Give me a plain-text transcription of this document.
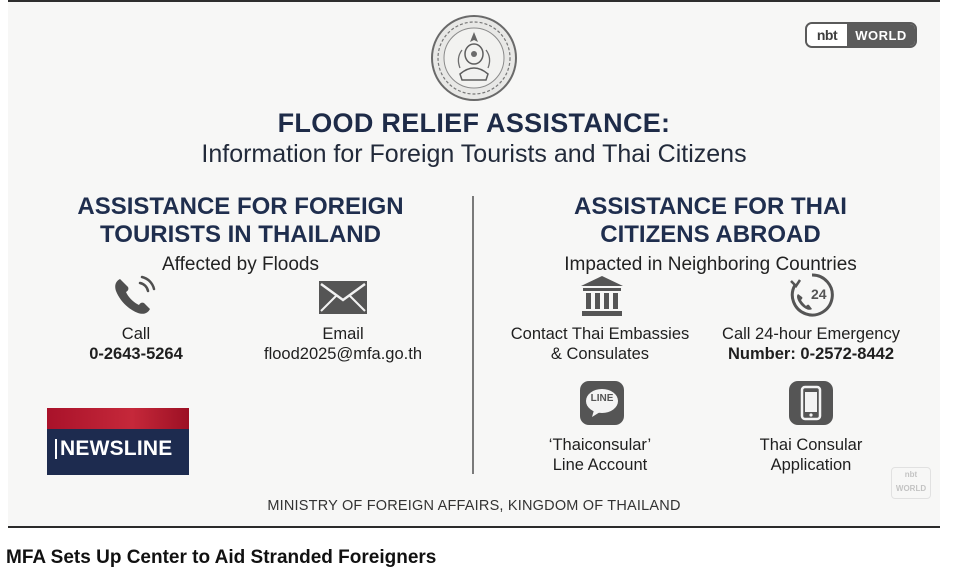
nbt	WORLD
FLOOD RELIEF ASSISTANCE:
Information for Foreign Tourists and Thai Citizens
ASSISTANCE FOR FOREIGN
TOURISTS IN THAILAND
Affected by Floods
Call
0-2643-5264
Email
flood2025@mfa.go.th
ASSISTANCE FOR THAI
CITIZENS ABROAD
Impacted in Neighboring Countries
Contact Thai Embassies
& Consulates
24
Call 24-hour Emergency
Number: 0-2572-8442
LINE
‘Thaiconsular’
Line Account
Thai Consular
Application
NEWSLINE
nbt WORLD
MINISTRY OF FOREIGN AFFAIRS, KINGDOM OF THAILAND
MFA Sets Up Center to Aid Stranded Foreigners
